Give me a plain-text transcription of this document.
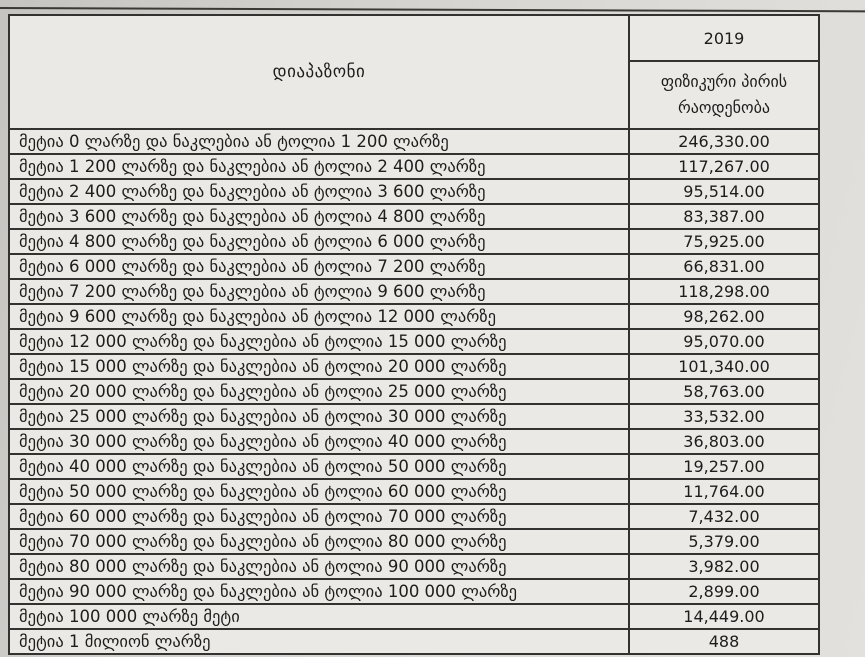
დიაპაზონი	2019
	ფიზიკური პირის რაოდენობა
მეტია 0 ლარზე და ნაკლებია ან ტოლია 1 200 ლარზე	246,330.00
მეტია 1 200 ლარზე და ნაკლებია ან ტოლია 2 400 ლარზე	117,267.00
მეტია 2 400 ლარზე და ნაკლებია ან ტოლია 3 600 ლარზე	95,514.00
მეტია 3 600 ლარზე და ნაკლებია ან ტოლია 4 800 ლარზე	83,387.00
მეტია 4 800 ლარზე და ნაკლებია ან ტოლია 6 000 ლარზე	75,925.00
მეტია 6 000 ლარზე და ნაკლებია ან ტოლია 7 200 ლარზე	66,831.00
მეტია 7 200 ლარზე და ნაკლებია ან ტოლია 9 600 ლარზე	118,298.00
მეტია 9 600 ლარზე და ნაკლებია ან ტოლია 12 000 ლარზე	98,262.00
მეტია 12 000 ლარზე და ნაკლებია ან ტოლია 15 000 ლარზე	95,070.00
მეტია 15 000 ლარზე და ნაკლებია ან ტოლია 20 000 ლარზე	101,340.00
მეტია 20 000 ლარზე და ნაკლებია ან ტოლია 25 000 ლარზე	58,763.00
მეტია 25 000 ლარზე და ნაკლებია ან ტოლია 30 000 ლარზე	33,532.00
მეტია 30 000 ლარზე და ნაკლებია ან ტოლია 40 000 ლარზე	36,803.00
მეტია 40 000 ლარზე და ნაკლებია ან ტოლია 50 000 ლარზე	19,257.00
მეტია 50 000 ლარზე და ნაკლებია ან ტოლია 60 000 ლარზე	11,764.00
მეტია 60 000 ლარზე და ნაკლებია ან ტოლია 70 000 ლარზე	7,432.00
მეტია 70 000 ლარზე და ნაკლებია ან ტოლია 80 000 ლარზე	5,379.00
მეტია 80 000 ლარზე და ნაკლებია ან ტოლია 90 000 ლარზე	3,982.00
მეტია 90 000 ლარზე და ნაკლებია ან ტოლია 100 000 ლარზე	2,899.00
მეტია 100 000 ლარზე მეტი	14,449.00
მეტია 1 მილიონ ლარზე	488
